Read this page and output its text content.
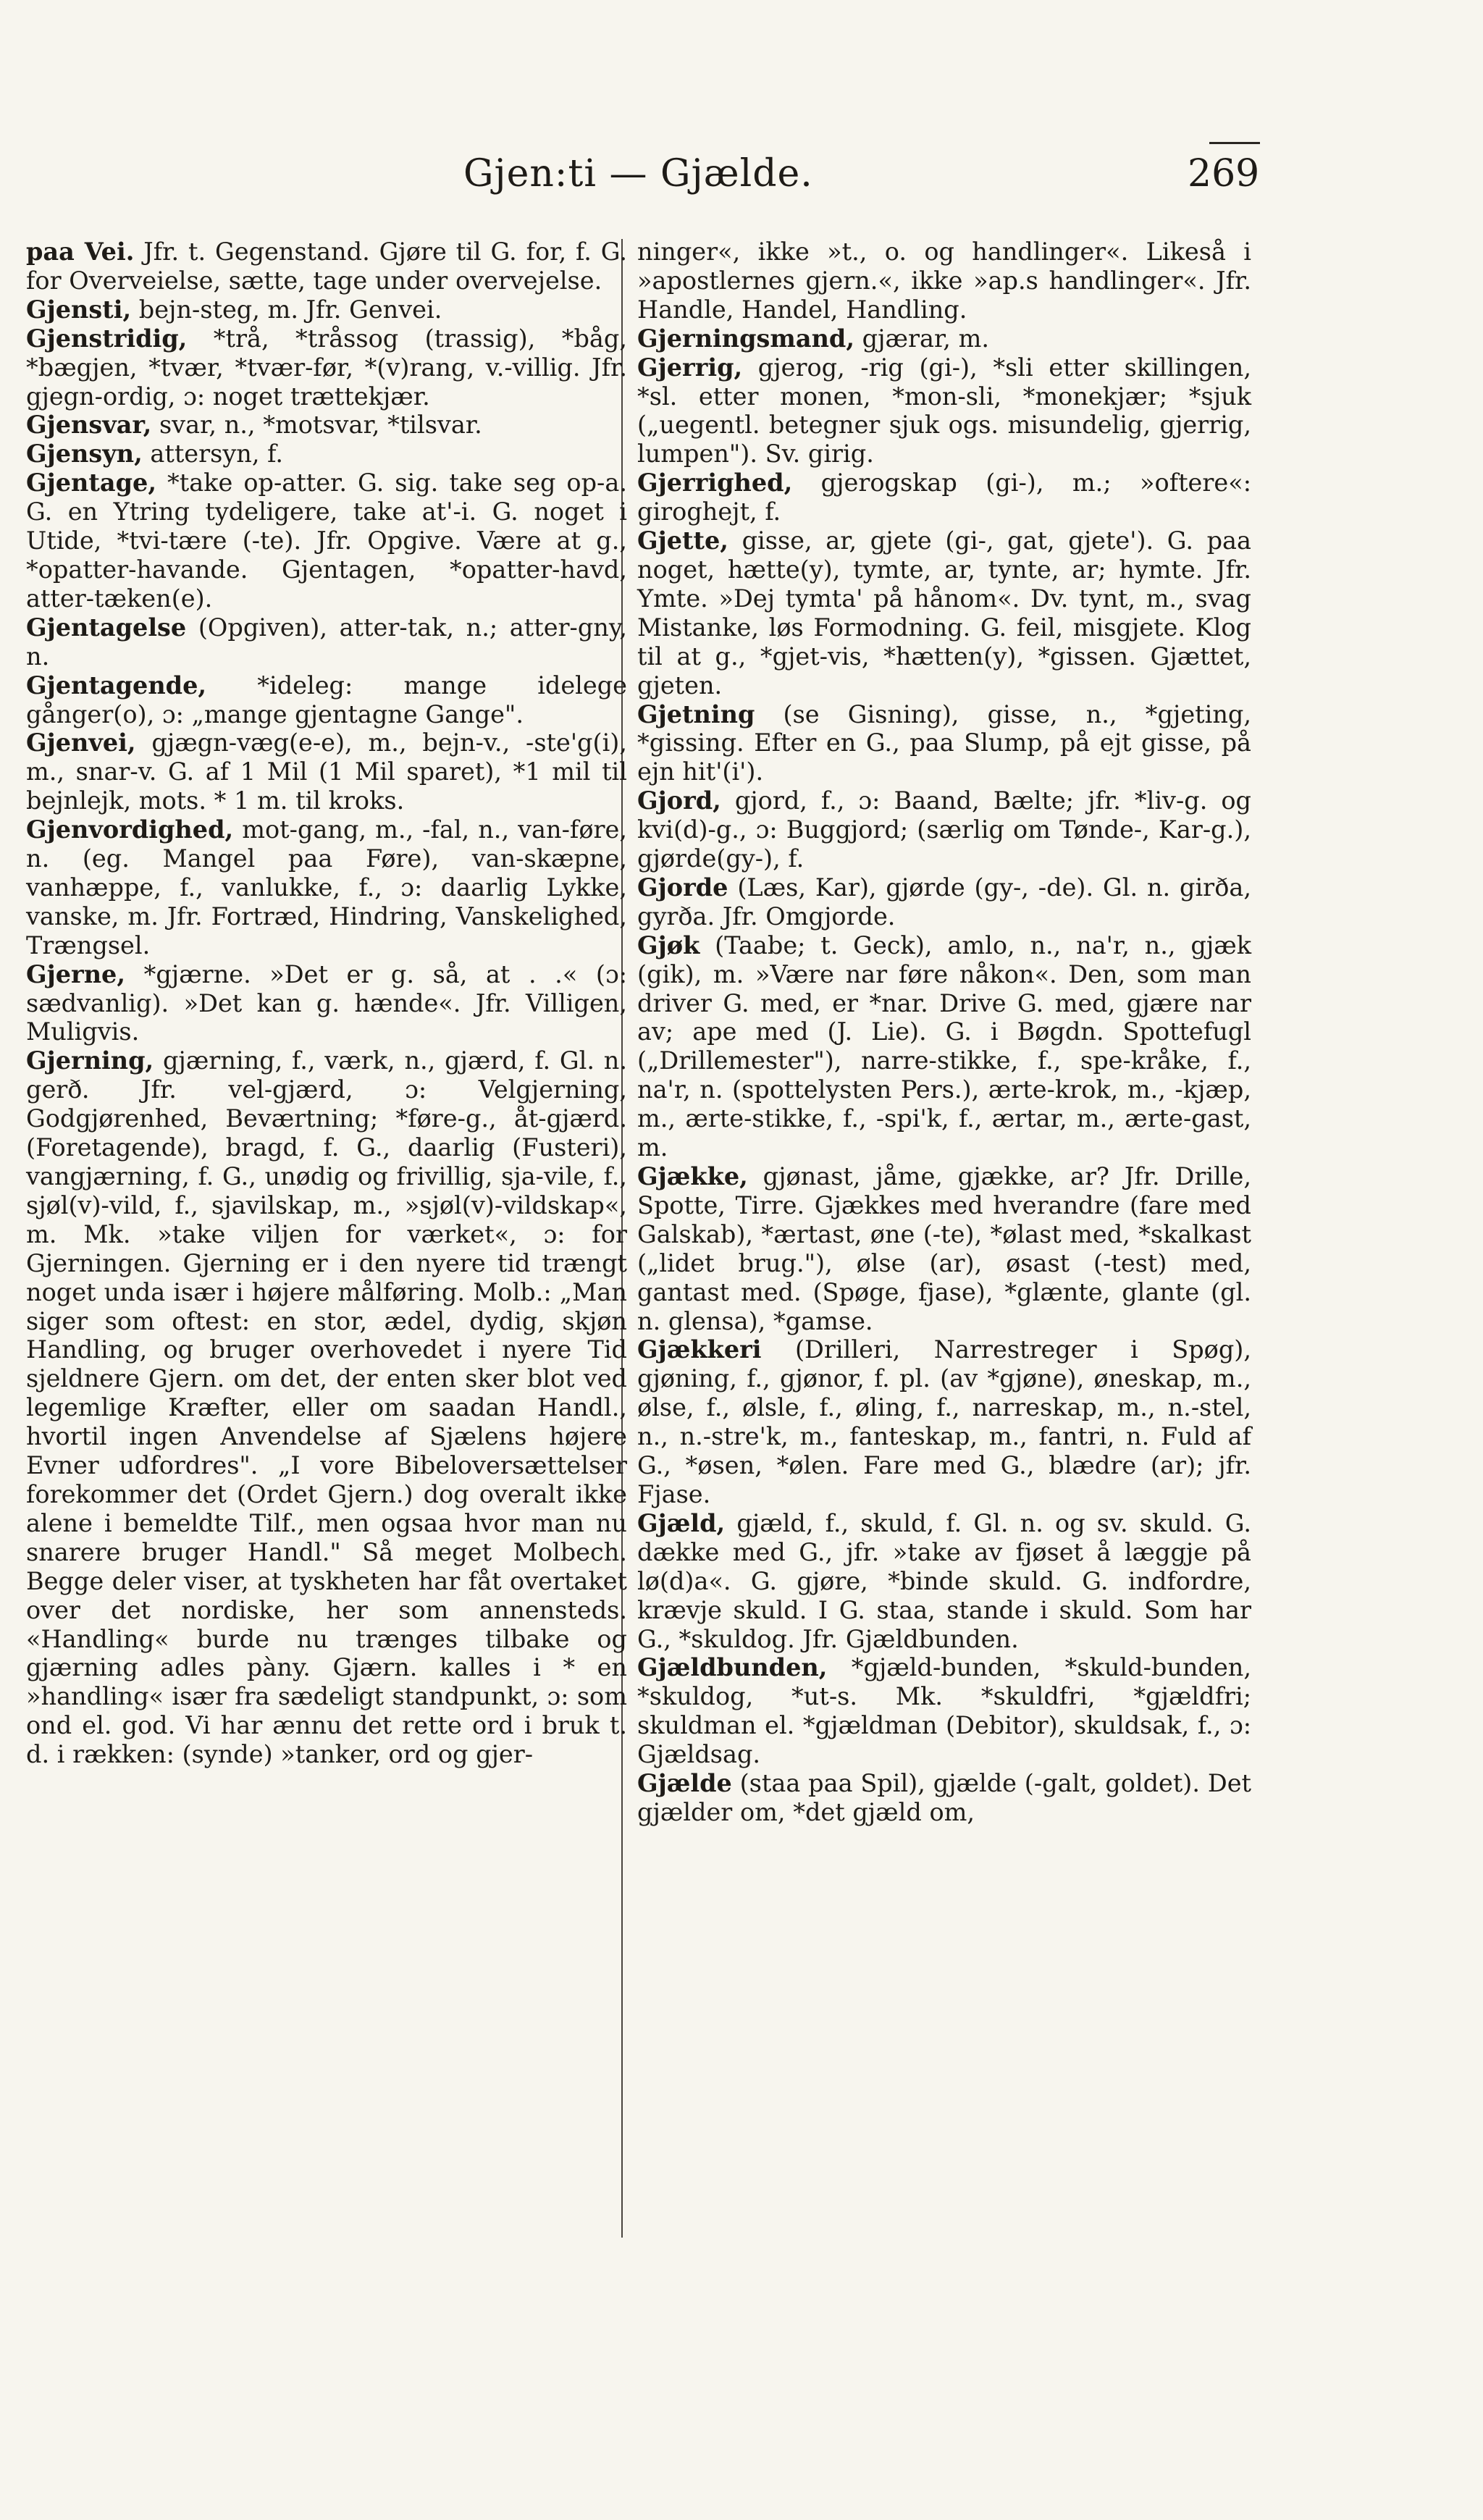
Gjen:ti — Gjælde.	269

paa Vei. Jfr. t. Gegenstand. Gjøre til G. for, f. G. for Overveielse, sætte, tage under overvejelse.

Gjensti, bejn-steg, m. Jfr. Genvei.

Gjenstridig, *trå, *tråssog (trassig), *båg, *bægjen, *tvær, *tvær-før, *(v)rang, v.-villig. Jfr. gjegn-ordig, ɔ: noget trættekjær.

Gjensvar, svar, n., *motsvar, *tilsvar.

Gjensyn, attersyn, f.

Gjentage, *take op-atter. G. sig. take seg op-a. G. en Ytring tydeligere, take at'-i. G. noget i Utide, *tvi-tære (-te). Jfr. Opgive. Være at g., *opatter-havande. Gjentagen, *opatter-havd, atter-tæken(e).

Gjentagelse (Opgiven), atter-tak, n.; atter-gny, n.

Gjentagende, *ideleg: mange idelege gånger(o), ɔ: „mange gjentagne Gange".

Gjenvei, gjægn-væg(e-e), m., bejn-v., -ste'g(i), m., snar-v. G. af 1 Mil (1 Mil sparet), *1 mil til bejnlejk, mots. * 1 m. til kroks.

Gjenvordighed, mot-gang, m., -fal, n., van-føre, n. (eg. Mangel paa Føre), van-skæpne, vanhæppe, f., vanlukke, f., ɔ: daarlig Lykke, vanske, m. Jfr. Fortræd, Hindring, Vanskelighed, Trængsel.

Gjerne, *gjærne. »Det er g. så, at . .« (ɔ: sædvanlig). »Det kan g. hænde«. Jfr. Villigen, Muligvis.

Gjerning, gjærning, f., værk, n., gjærd, f. Gl. n. gerð. Jfr. vel-gjærd, ɔ: Velgjerning, Godgjørenhed, Beværtning; *føre-g., åt-gjærd. (Foretagende), bragd, f. G., daarlig (Fusteri), vangjærning, f. G., unødig og frivillig, sja-vile, f., sjøl(v)-vild, f., sjavilskap, m., »sjøl(v)-vildskap«, m. Mk. »take viljen for værket«, ɔ: for Gjerningen. Gjerning er i den nyere tid trængt noget unda især i højere målføring. Molb.: „Man siger som oftest: en stor, ædel, dydig, skjøn Handling, og bruger overhovedet i nyere Tid sjeldnere Gjern. om det, der enten sker blot ved legemlige Kræfter, eller om saadan Handl., hvortil ingen Anvendelse af Sjælens højere Evner udfordres". „I vore Bibeloversættelser forekommer det (Ordet Gjern.) dog overalt ikke alene i bemeldte Tilf., men ogsaa hvor man nu snarere bruger Handl." Så meget Molbech. Begge deler viser, at tyskheten har fåt overtaket over det nordiske, her som annensteds. «Handling« burde nu trænges tilbake og gjærning adles pàny. Gjærn. kalles i * en »handling« især fra sædeligt standpunkt, ɔ: som ond el. god. Vi har ænnu det rette ord i bruk t. d. i rækken: (synde) »tanker, ord og gjer-

ninger«, ikke »t., o. og handlinger«. Likeså i »apostlernes gjern.«, ikke »ap.s handlinger«. Jfr. Handle, Handel, Handling.

Gjerningsmand, gjærar, m.

Gjerrig, gjerog, -rig (gi-), *sli etter skillingen, *sl. etter monen, *mon-sli, *monekjær; *sjuk („uegentl. betegner sjuk ogs. misundelig, gjerrig, lumpen"). Sv. girig.

Gjerrighed, gjerogskap (gi-), m.; »oftere«: giroghejt, f.

Gjette, gisse, ar, gjete (gi-, gat, gjete'). G. paa noget, hætte(y), tymte, ar, tynte, ar; hymte. Jfr. Ymte. »Dej tymta' på hånom«. Dv. tynt, m., svag Mistanke, løs Formodning. G. feil, misgjete. Klog til at g., *gjet-vis, *hætten(y), *gissen. Gjættet, gjeten.

Gjetning (se Gisning), gisse, n., *gjeting, *gissing. Efter en G., paa Slump, på ejt gisse, på ejn hit'(i').

Gjord, gjord, f., ɔ: Baand, Bælte; jfr. *liv-g. og kvi(d)-g., ɔ: Buggjord; (særlig om Tønde-, Kar-g.), gjørde(gy-), f.

Gjorde (Læs, Kar), gjørde (gy-, -de). Gl. n. girða, gyrða. Jfr. Omgjorde.

Gjøk (Taabe; t. Geck), amlo, n., na'r, n., gjæk (gik), m. »Være nar føre nåkon«. Den, som man driver G. med, er *nar. Drive G. med, gjære nar av; ape med (J. Lie). G. i Bøgdn. Spottefugl („Drillemester"), narre-stikke, f., spe-kråke, f., na'r, n. (spottelysten Pers.), ærte-krok, m., -kjæp, m., ærte-stikke, f., -spi'k, f., ærtar, m., ærte-gast, m.

Gjække, gjønast, jåme, gjække, ar? Jfr. Drille, Spotte, Tirre. Gjækkes med hverandre (fare med Galskab), *ærtast, øne (-te), *ølast med, *skalkast („lidet brug."), ølse (ar), øsast (-test) med, gantast med. (Spøge, fjase), *glænte, glante (gl. n. glensa), *gamse.

Gjækkeri (Drilleri, Narrestreger i Spøg), gjøning, f., gjønor, f. pl. (av *gjøne), øneskap, m., ølse, f., ølsle, f., øling, f., narreskap, m., n.-stel, n., n.-stre'k, m., fanteskap, m., fantri, n. Fuld af G., *øsen, *ølen. Fare med G., blædre (ar); jfr. Fjase.

Gjæld, gjæld, f., skuld, f. Gl. n. og sv. skuld. G. dække med G., jfr. »take av fjøset å læggje på lø(d)a«. G. gjøre, *binde skuld. G. indfordre, krævje skuld. I G. staa, stande i skuld. Som har G., *skuldog. Jfr. Gjældbunden.

Gjældbunden, *gjæld-bunden, *skuld-bunden, *skuldog, *ut-s. Mk. *skuldfri, *gjældfri; skuldman el. *gjældman (Debitor), skuldsak, f., ɔ: Gjældsag.

Gjælde (staa paa Spil), gjælde (-galt, goldet). Det gjælder om, *det gjæld om,
